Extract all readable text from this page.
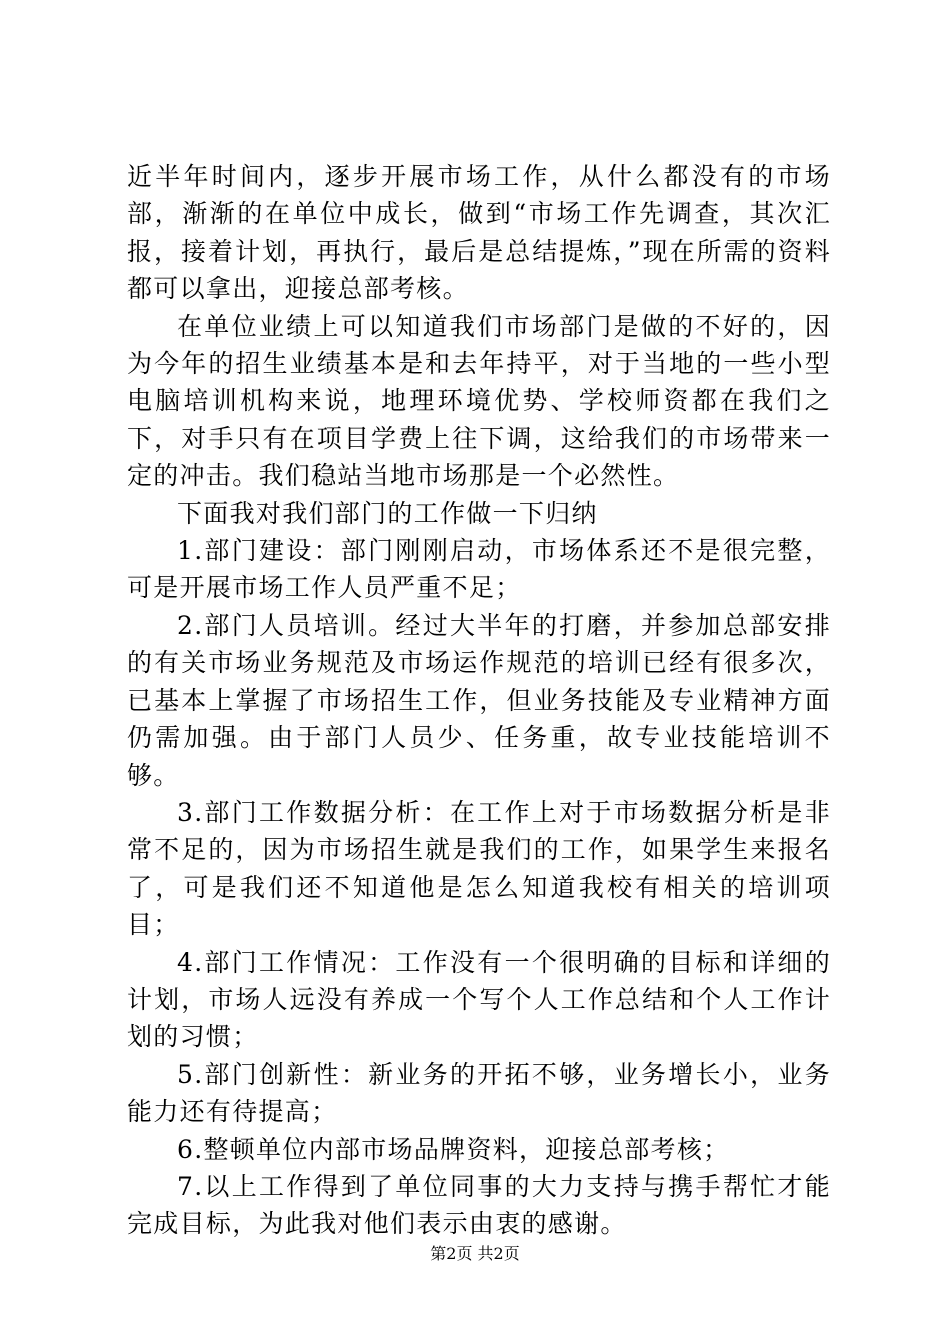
近半年时间内，逐步开展市场工作，从什么都没有的市场部，渐渐的在单位中成长，做到“市场工作先调查，其次汇报，接着计划，再执行，最后是总结提炼，”现在所需的资料都可以拿出，迎接总部考核。

在单位业绩上可以知道我们市场部门是做的不好的，因为今年的招生业绩基本是和去年持平，对于当地的一些小型电脑培训机构来说，地理环境优势、学校师资都在我们之下，对手只有在项目学费上往下调，这给我们的市场带来一定的冲击。我们稳站当地市场那是一个必然性。

下面我对我们部门的工作做一下归纳

1.部门建设：部门刚刚启动，市场体系还不是很完整，可是开展市场工作人员严重不足；

2.部门人员培训。经过大半年的打磨，并参加总部安排的有关市场业务规范及市场运作规范的培训已经有很多次，已基本上掌握了市场招生工作，但业务技能及专业精神方面仍需加强。由于部门人员少、任务重，故专业技能培训不够。

3.部门工作数据分析：在工作上对于市场数据分析是非常不足的，因为市场招生就是我们的工作，如果学生来报名了，可是我们还不知道他是怎么知道我校有相关的培训项目；

4.部门工作情况：工作没有一个很明确的目标和详细的计划，市场人远没有养成一个写个人工作总结和个人工作计划的习惯；

5.部门创新性：新业务的开拓不够，业务增长小，业务能力还有待提高；

6.整顿单位内部市场品牌资料，迎接总部考核；

7.以上工作得到了单位同事的大力支持与携手帮忙才能完成目标，为此我对他们表示由衷的感谢。

第2页 共2页
